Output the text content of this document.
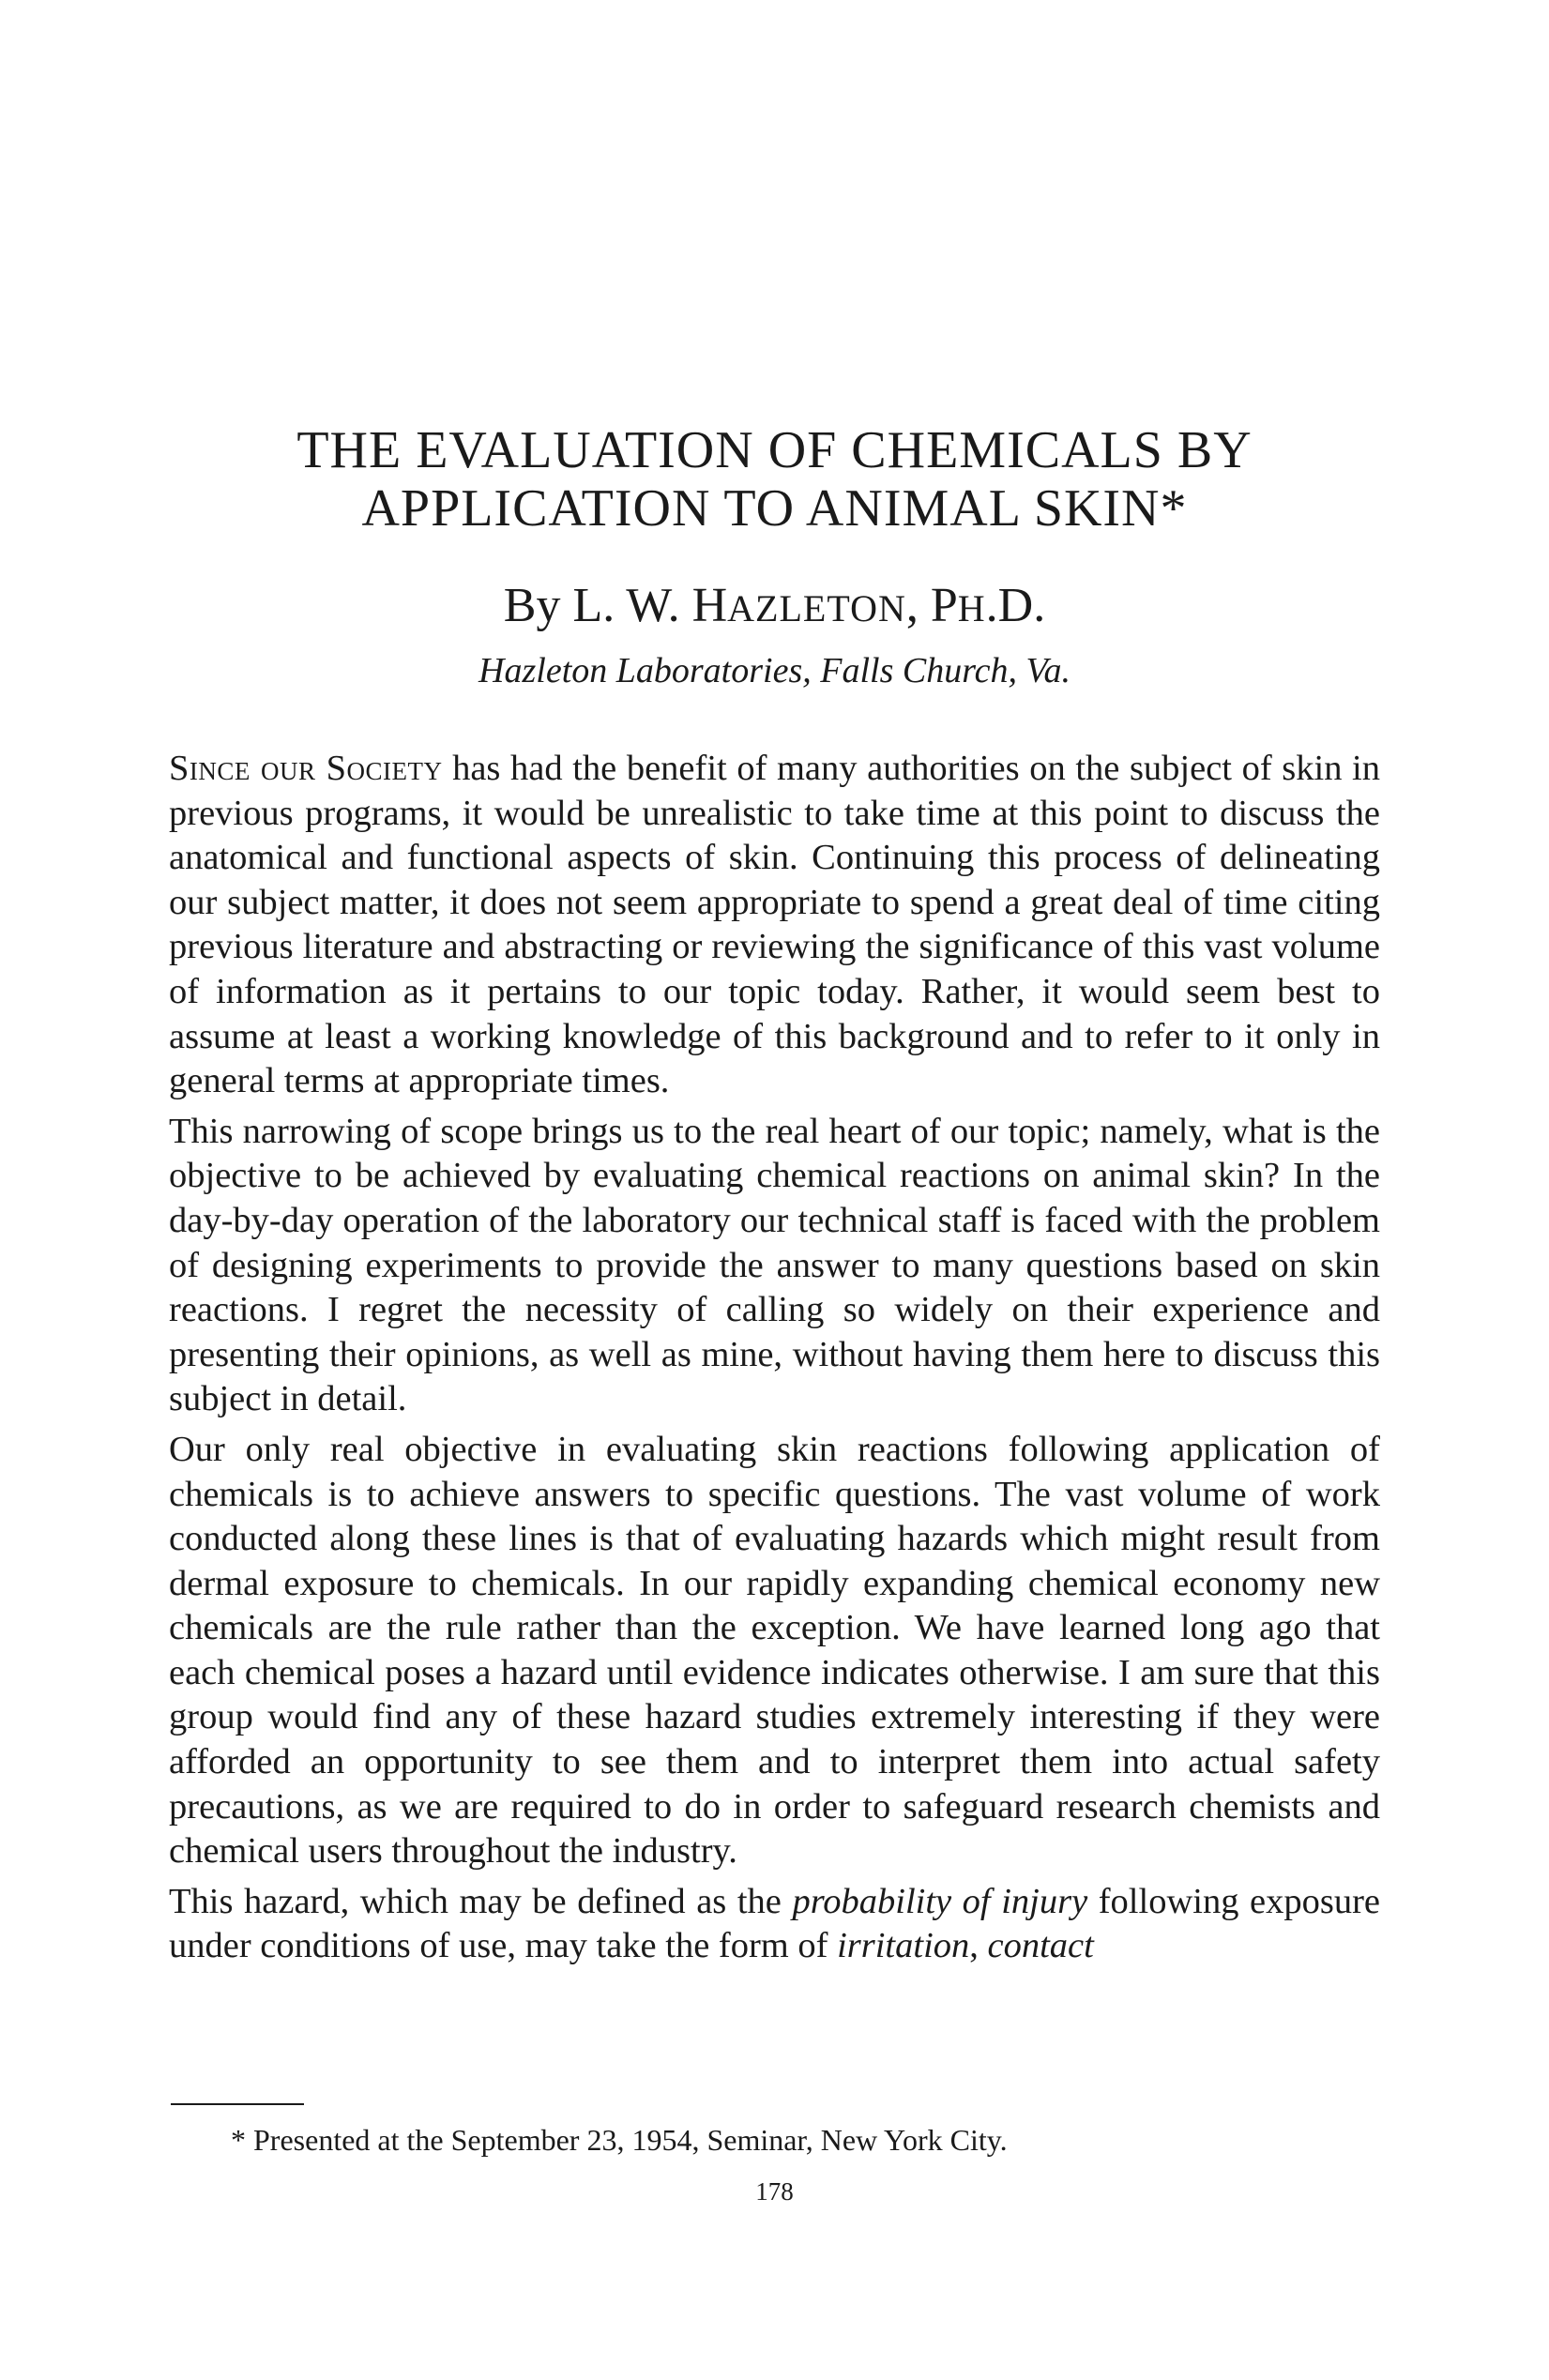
THE EVALUATION OF CHEMICALS BY
APPLICATION TO ANIMAL SKIN*
By L. W. HAZLETON, PH.D.
Hazleton Laboratories, Falls Church, Va.

Since our Society has had the benefit of many authorities on the subject of skin in previous programs, it would be unrealistic to take time at this point to discuss the anatomical and functional aspects of skin. Continuing this process of delineating our subject matter, it does not seem appropriate to spend a great deal of time citing previous literature and abstracting or reviewing the significance of this vast volume of information as it pertains to our topic today. Rather, it would seem best to assume at least a working knowledge of this background and to refer to it only in general terms at appropriate times.

This narrowing of scope brings us to the real heart of our topic; namely, what is the objective to be achieved by evaluating chemical reactions on animal skin? In the day-by-day operation of the laboratory our technical staff is faced with the problem of designing experiments to provide the answer to many questions based on skin reactions. I regret the necessity of calling so widely on their experience and presenting their opinions, as well as mine, without having them here to discuss this subject in detail.

Our only real objective in evaluating skin reactions following application of chemicals is to achieve answers to specific questions. The vast volume of work conducted along these lines is that of evaluating hazards which might result from dermal exposure to chemicals. In our rapidly expanding chemical economy new chemicals are the rule rather than the exception. We have learned long ago that each chemical poses a hazard until evidence indicates otherwise. I am sure that this group would find any of these hazard studies extremely interesting if they were afforded an opportunity to see them and to interpret them into actual safety precautions, as we are required to do in order to safeguard research chemists and chemical users throughout the industry.

This hazard, which may be defined as the probability of injury following exposure under conditions of use, may take the form of irritation, contact

* Presented at the September 23, 1954, Seminar, New York City.
178
